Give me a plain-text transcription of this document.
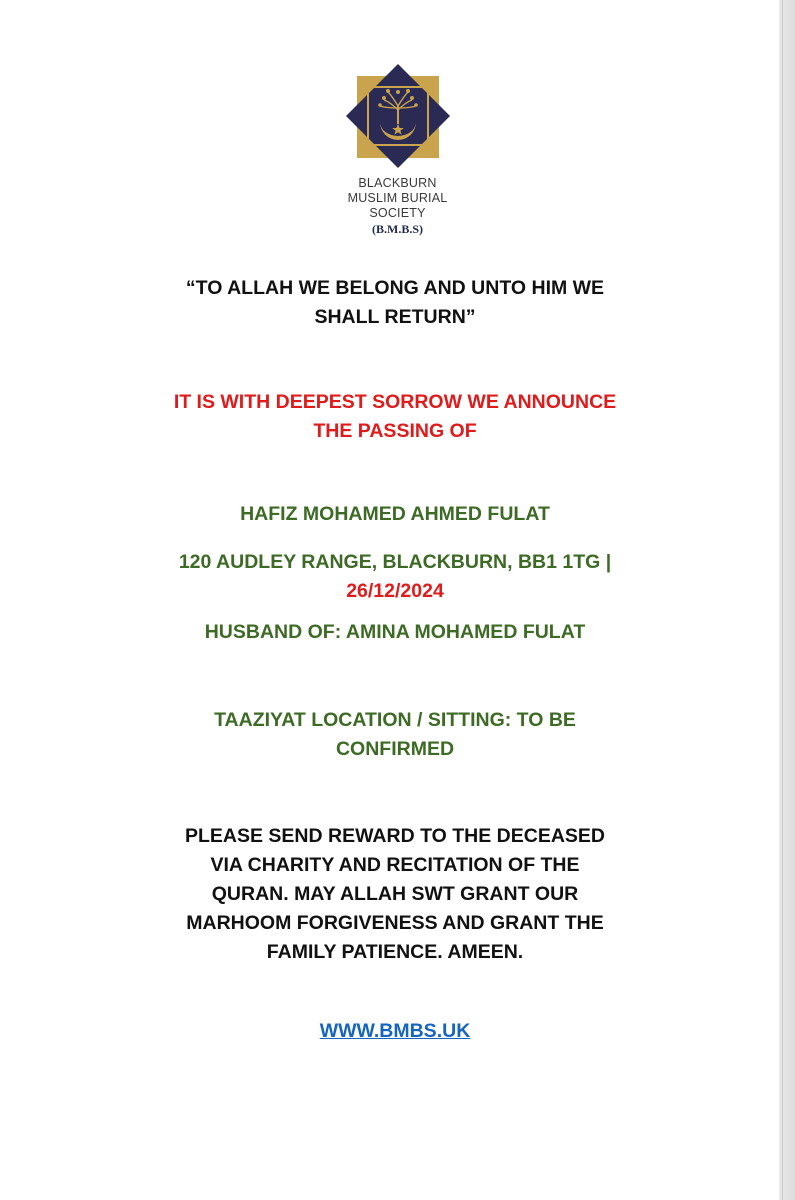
BLACKBURN
MUSLIM BURIAL
SOCIETY
(B.M.B.S)
“TO ALLAH WE BELONG AND UNTO HIM WE
SHALL RETURN”
IT IS WITH DEEPEST SORROW WE ANNOUNCE
THE PASSING OF
HAFIZ MOHAMED AHMED FULAT
120 AUDLEY RANGE, BLACKBURN, BB1 1TG |
26/12/2024
HUSBAND OF: AMINA MOHAMED FULAT
TAAZIYAT LOCATION / SITTING: TO BE
CONFIRMED
PLEASE SEND REWARD TO THE DECEASED
VIA CHARITY AND RECITATION OF THE
QURAN. MAY ALLAH SWT GRANT OUR
MARHOOM FORGIVENESS AND GRANT THE
FAMILY PATIENCE. AMEEN.
WWW.BMBS.UK
